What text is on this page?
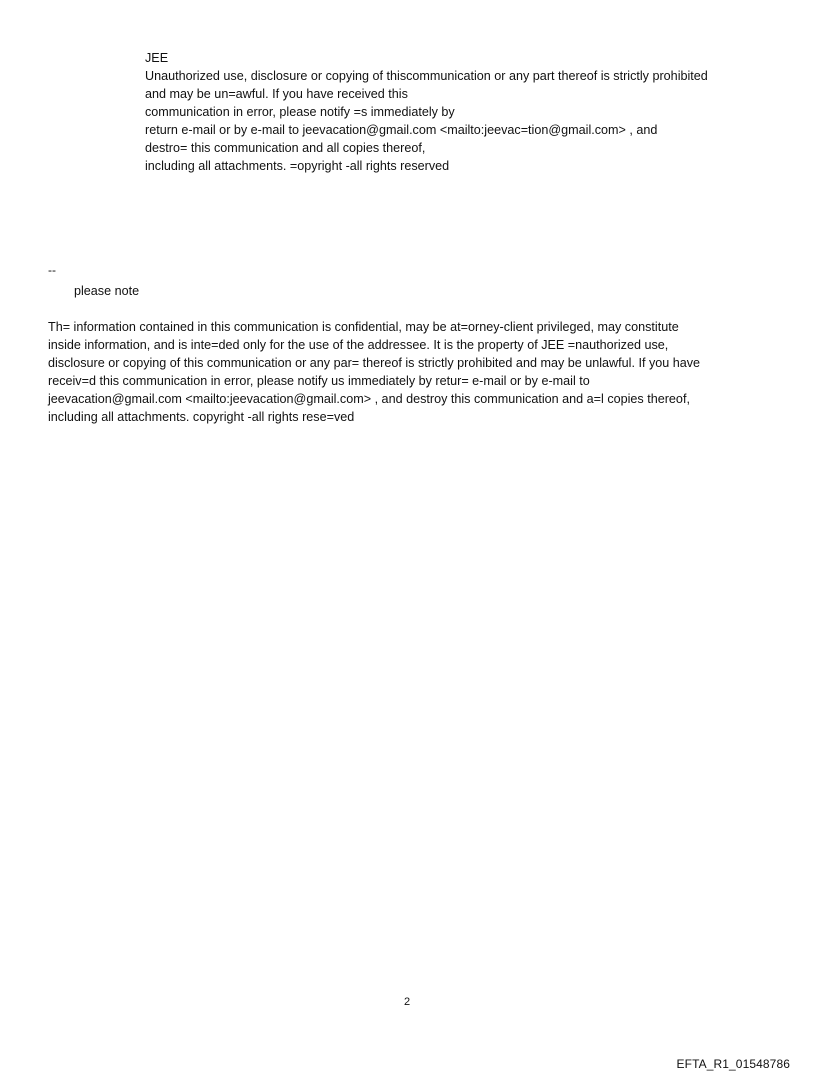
JEE
Unauthorized use, disclosure or copying of thiscommunication or any part thereof is strictly prohibited
and may be un=awful. If you have received this
communication in error, please notify =s immediately by
return e-mail or by e-mail to jeevacation@gmail.com <mailto:jeevac=tion@gmail.com> , and
destro= this communication and all copies thereof,
including all attachments. =opyright -all rights reserved
--
please note
Th= information contained in this communication is confidential, may be at=orney-client privileged, may constitute
inside information, and is inte=ded only for the use of the addressee. It is the property of JEE =nauthorized use,
disclosure or copying of this communication or any par= thereof is strictly prohibited and may be unlawful. If you have
receiv=d this communication in error, please notify us immediately by retur= e-mail or by e-mail to
jeevacation@gmail.com <mailto:jeevacation@gmail.com> , and destroy this communication and a=l copies thereof,
including all attachments. copyright -all rights rese=ved
2
EFTA_R1_01548786
